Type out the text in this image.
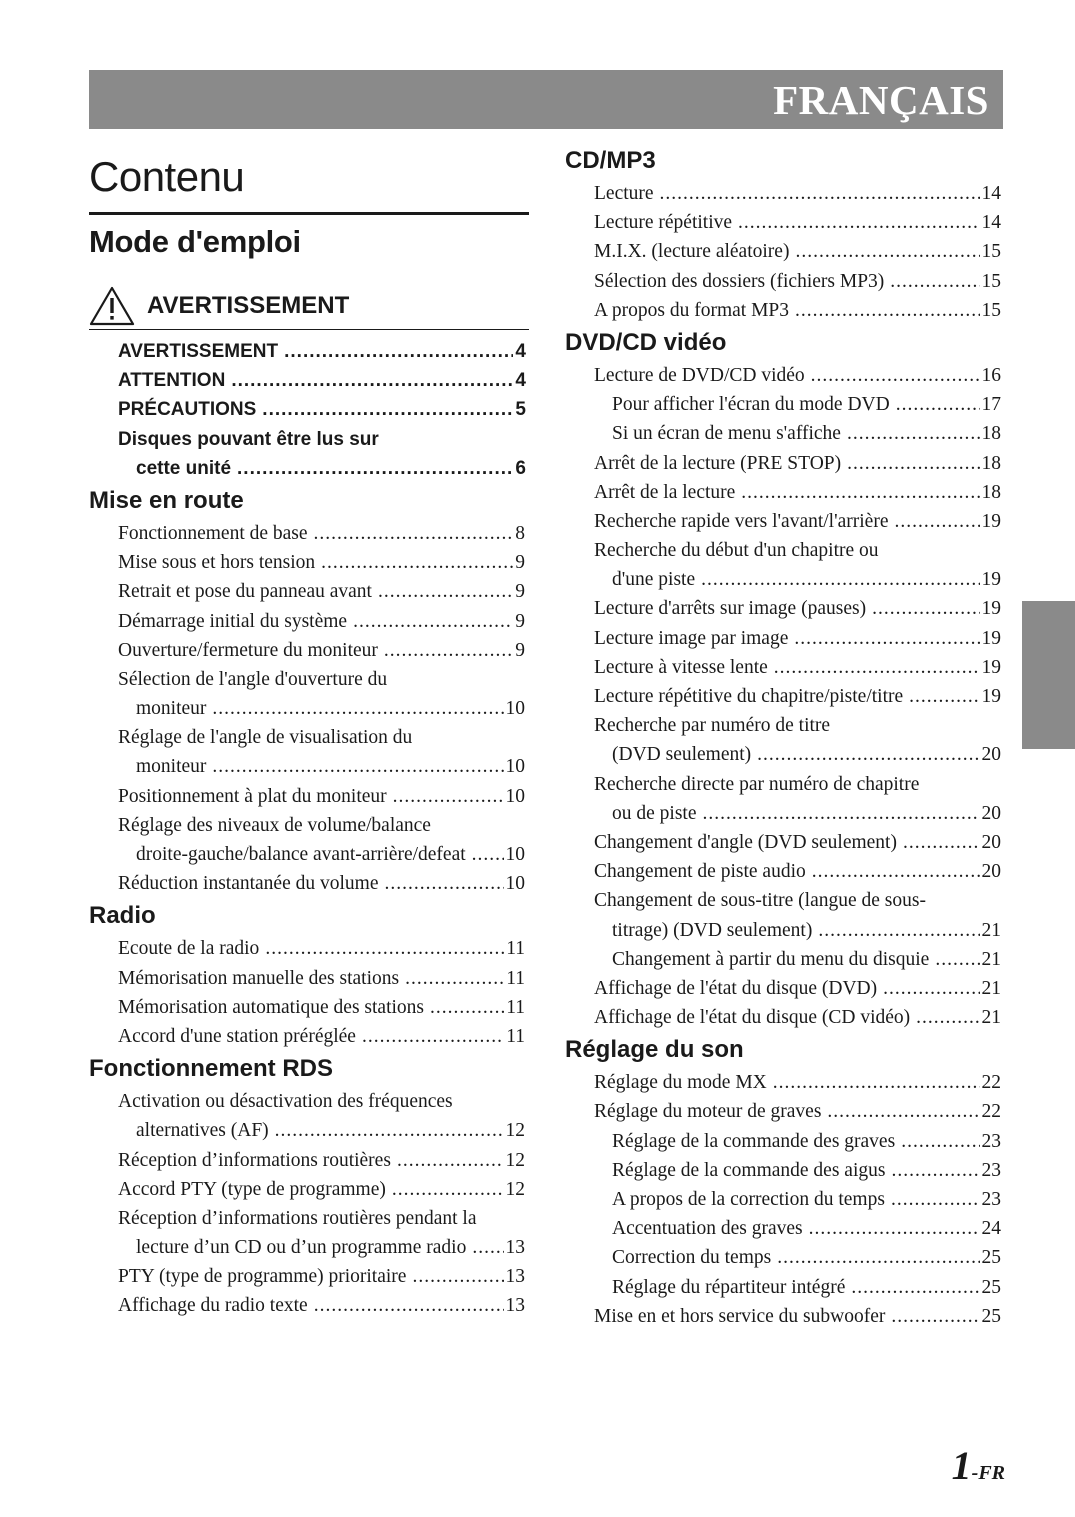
FRANÇAIS
Contenu
Mode d'emploi
AVERTISSEMENT
AVERTISSEMENT .....	4
ATTENTION .....	4
PRÉCAUTIONS .....	5
Disques pouvant être lus sur
cette unité .....	6
Mise en route
Fonctionnement de base .....	8
Mise sous et hors tension .....	9
Retrait et pose du panneau avant .....	9
Démarrage initial du système .....	9
Ouverture/fermeture du moniteur .....	9
Sélection de l'angle d'ouverture du
moniteur .....	10
Réglage de l'angle de visualisation du
moniteur .....	10
Positionnement à plat du moniteur .....	10
Réglage des niveaux de volume/balance
droite-gauche/balance avant-arrière/defeat ..... 10
Réduction instantanée du volume .....	10
Radio
Ecoute de la radio .....	11
Mémorisation manuelle des stations .....	11
Mémorisation automatique des stations .....	11
Accord d'une station préréglée .....	11
Fonctionnement RDS
Activation ou désactivation des fréquences
alternatives (AF) .....	12
Réception d’informations routières .....	12
Accord PTY (type de programme) .....	12
Réception d’informations routières pendant la
lecture d’un CD ou d’un programme radio ..... 13
PTY (type de programme) prioritaire .....	13
Affichage du radio texte .....	13
CD/MP3
Lecture .....	14
Lecture répétitive .....	14
M.I.X. (lecture aléatoire) .....	15
Sélection des dossiers (fichiers MP3) .....	15
A propos du format MP3 .....	15
DVD/CD vidéo
Lecture de DVD/CD vidéo .....	16
Pour afficher l'écran du mode DVD .....	17
Si un écran de menu s'affiche .....	18
Arrêt de la lecture (PRE STOP) .....	18
Arrêt de la lecture .....	18
Recherche rapide vers l'avant/l'arrière .....	19
Recherche du début d'un chapitre ou
d'une piste .....	19
Lecture d'arrêts sur image (pauses) .....	19
Lecture image par image .....	19
Lecture à vitesse lente .....	19
Lecture répétitive du chapitre/piste/titre .....	19
Recherche par numéro de titre
(DVD seulement) .....	20
Recherche directe par numéro de chapitre
ou de piste .....	20
Changement d'angle (DVD seulement) .....	20
Changement de piste audio .....	20
Changement de sous-titre (langue de sous-
titrage) (DVD seulement) .....	21
Changement à partir du menu du disquie .....	21
Affichage de l'état du disque (DVD) .....	21
Affichage de l'état du disque (CD vidéo) .....	21
Réglage du son
Réglage du mode MX .....	22
Réglage du moteur de graves .....	22
Réglage de la commande des graves .....	23
Réglage de la commande des aigus .....	23
A propos de la correction du temps .....	23
Accentuation des graves .....	24
Correction du temps .....	25
Réglage du répartiteur intégré .....	25
Mise en et hors service du subwoofer .....	25
1-FR
